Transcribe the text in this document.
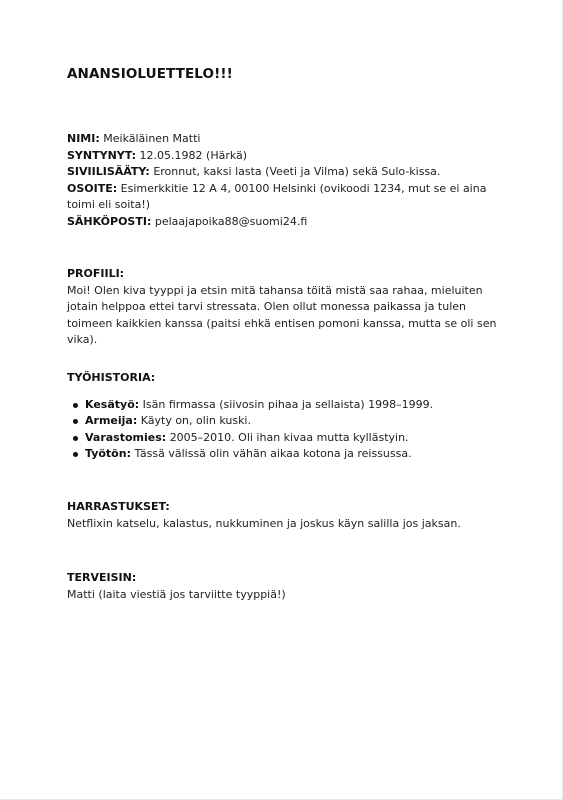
ANANSIOLUETTELO!!!

NIMI: Meikäläinen Matti

SYNTYNYT: 12.05.1982 (Härkä)

SIVIILISÄÄTY: Eronnut, kaksi lasta (Veeti ja Vilma) sekä Sulo-kissa.

OSOITE: Esimerkkitie 12 A 4, 00100 Helsinki (ovikoodi 1234, mut se ei aina toimi eli soita!)

SÄHKÖPOSTI: pelaajapoika88@suomi24.fi

PROFIILI:

Moi! Olen kiva tyyppi ja etsin mitä tahansa töitä mistä saa rahaa, mieluiten jotain helppoa ettei tarvi stressata. Olen ollut monessa paikassa ja tulen toimeen kaikkien kanssa (paitsi ehkä entisen pomoni kanssa, mutta se oli sen vika).

TYÖHISTORIA:

Kesätyö: Isän firmassa (siivosin pihaa ja sellaista) 1998–1999.
Armeija: Käyty on, olin kuski.
Varastomies: 2005–2010. Oli ihan kivaa mutta kyllästyin.
Työtön: Tässä välissä olin vähän aikaa kotona ja reissussa.

HARRASTUKSET:

Netflixin katselu, kalastus, nukkuminen ja joskus käyn salilla jos jaksan.

TERVEISIN:

Matti (laita viestiä jos tarviitte tyyppiä!)
